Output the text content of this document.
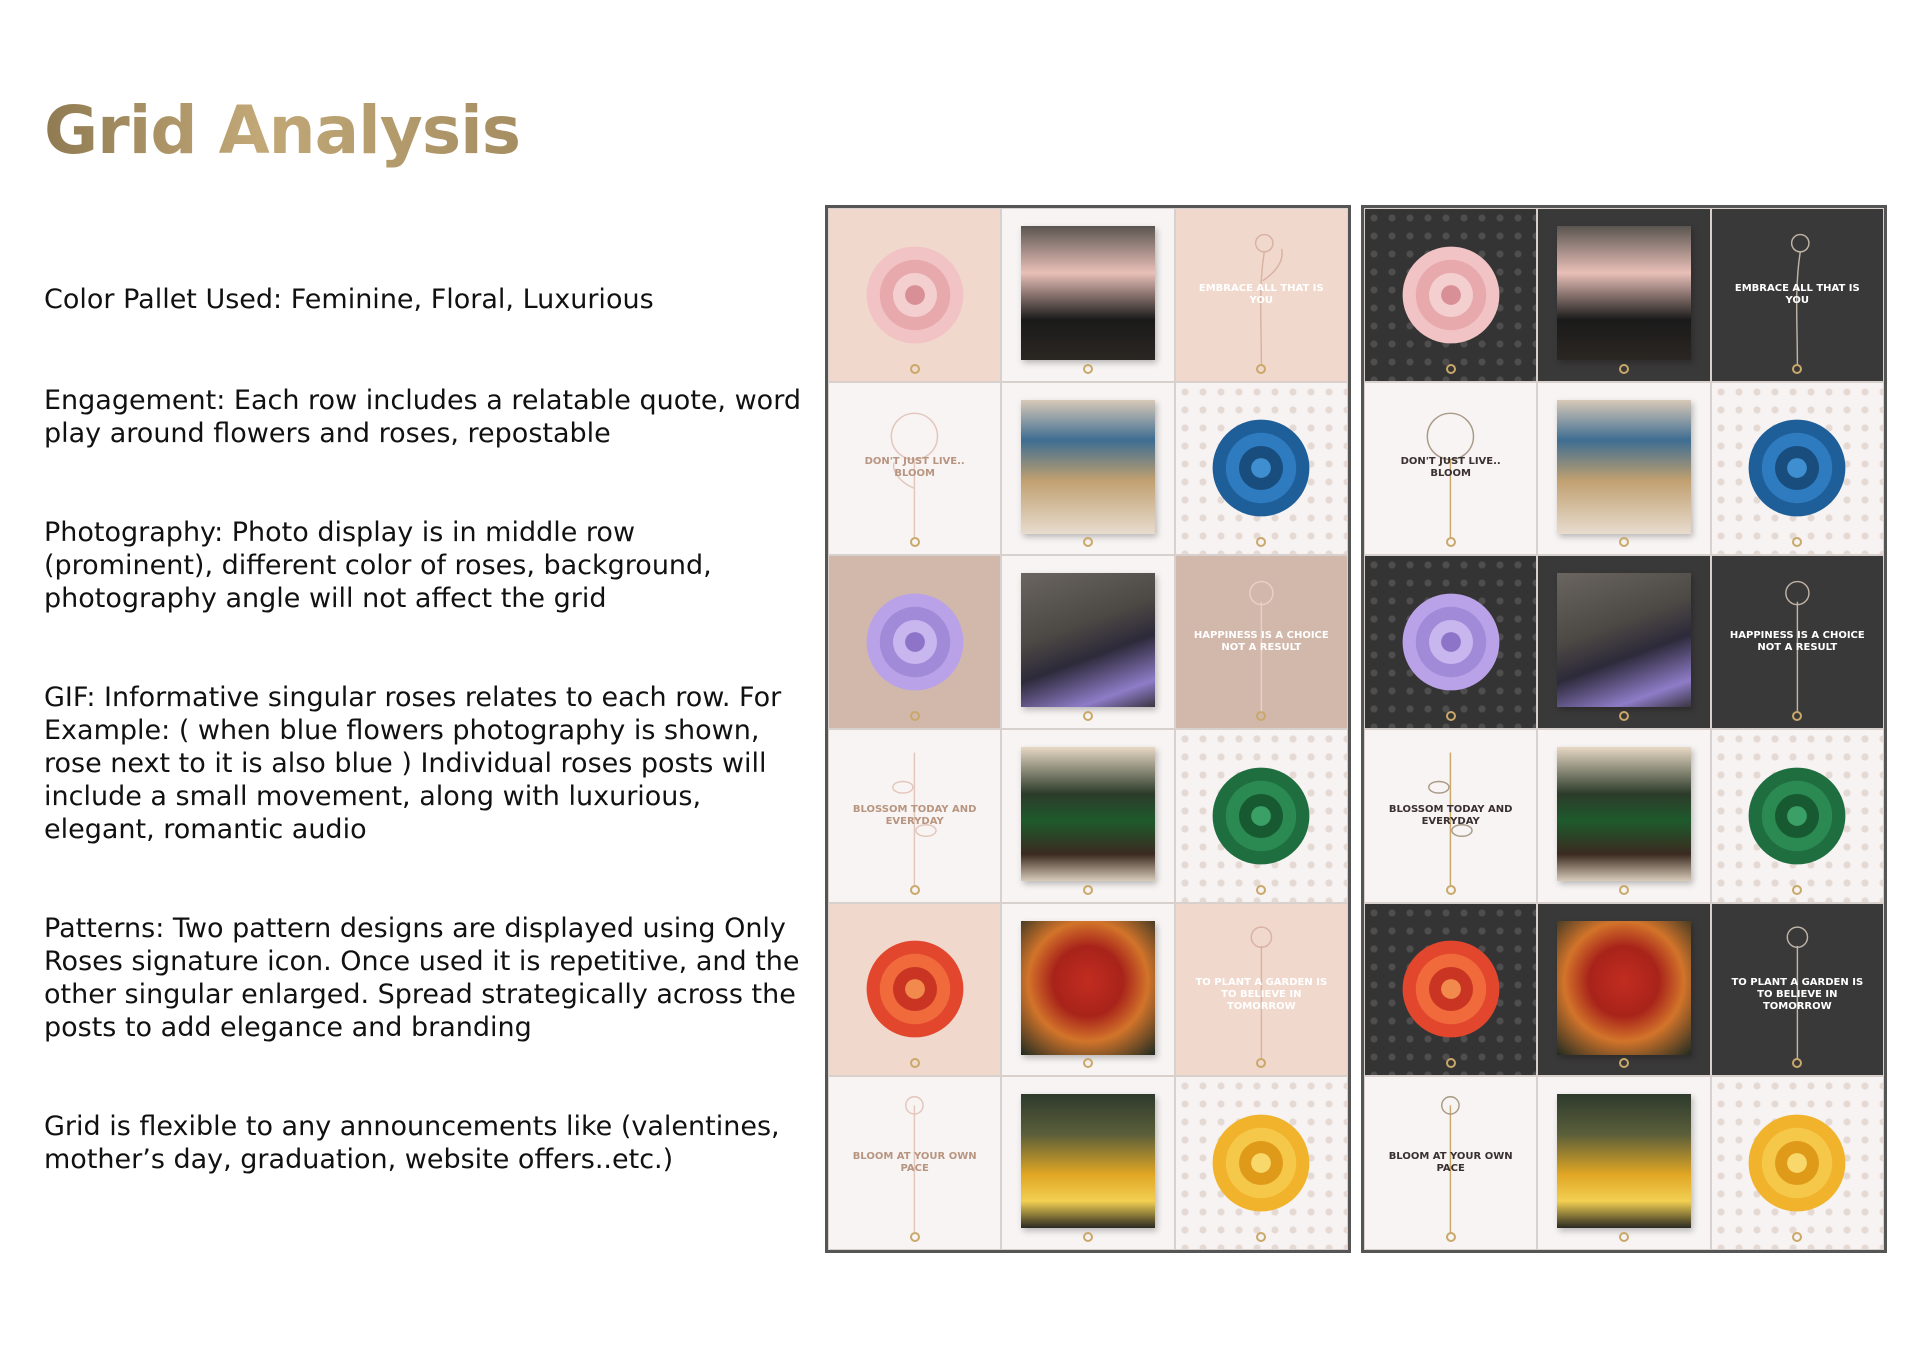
Grid Analysis

Color Pallet Used: Feminine, Floral, Luxurious

Engagement: Each row includes a relatable quote, word play around flowers and roses, repostable

Photography: Photo display is in middle row (prominent), different color of roses, background, photography angle will not affect the grid

GIF: Informative singular roses relates to each row. For Example: ( when blue flowers photography is shown, rose next to it is also blue ) Individual roses posts will include a small movement, along with luxurious, elegant, romantic audio

Patterns: Two pattern designs are displayed using Only Roses signature icon. Once used it is repetitive, and the other singular enlarged. Spread strategically across the posts to add elegance and branding

Grid is flexible to any announcements like (valentines, mother’s day, graduation, website offers..etc.)

EMBRACE ALL THAT IS YOU
DON'T JUST LIVE.. BLOOM
HAPPINESS IS A CHOICE NOT A RESULT
BLOSSOM TODAY AND EVERYDAY
TO PLANT A GARDEN IS TO BELIEVE IN TOMORROW
BLOOM AT YOUR OWN PACE
EMBRACE ALL THAT IS YOU
DON'T JUST LIVE.. BLOOM
HAPPINESS IS A CHOICE NOT A RESULT
BLOSSOM TODAY AND EVERYDAY
TO PLANT A GARDEN IS TO BELIEVE IN TOMORROW
BLOOM AT YOUR OWN PACE
